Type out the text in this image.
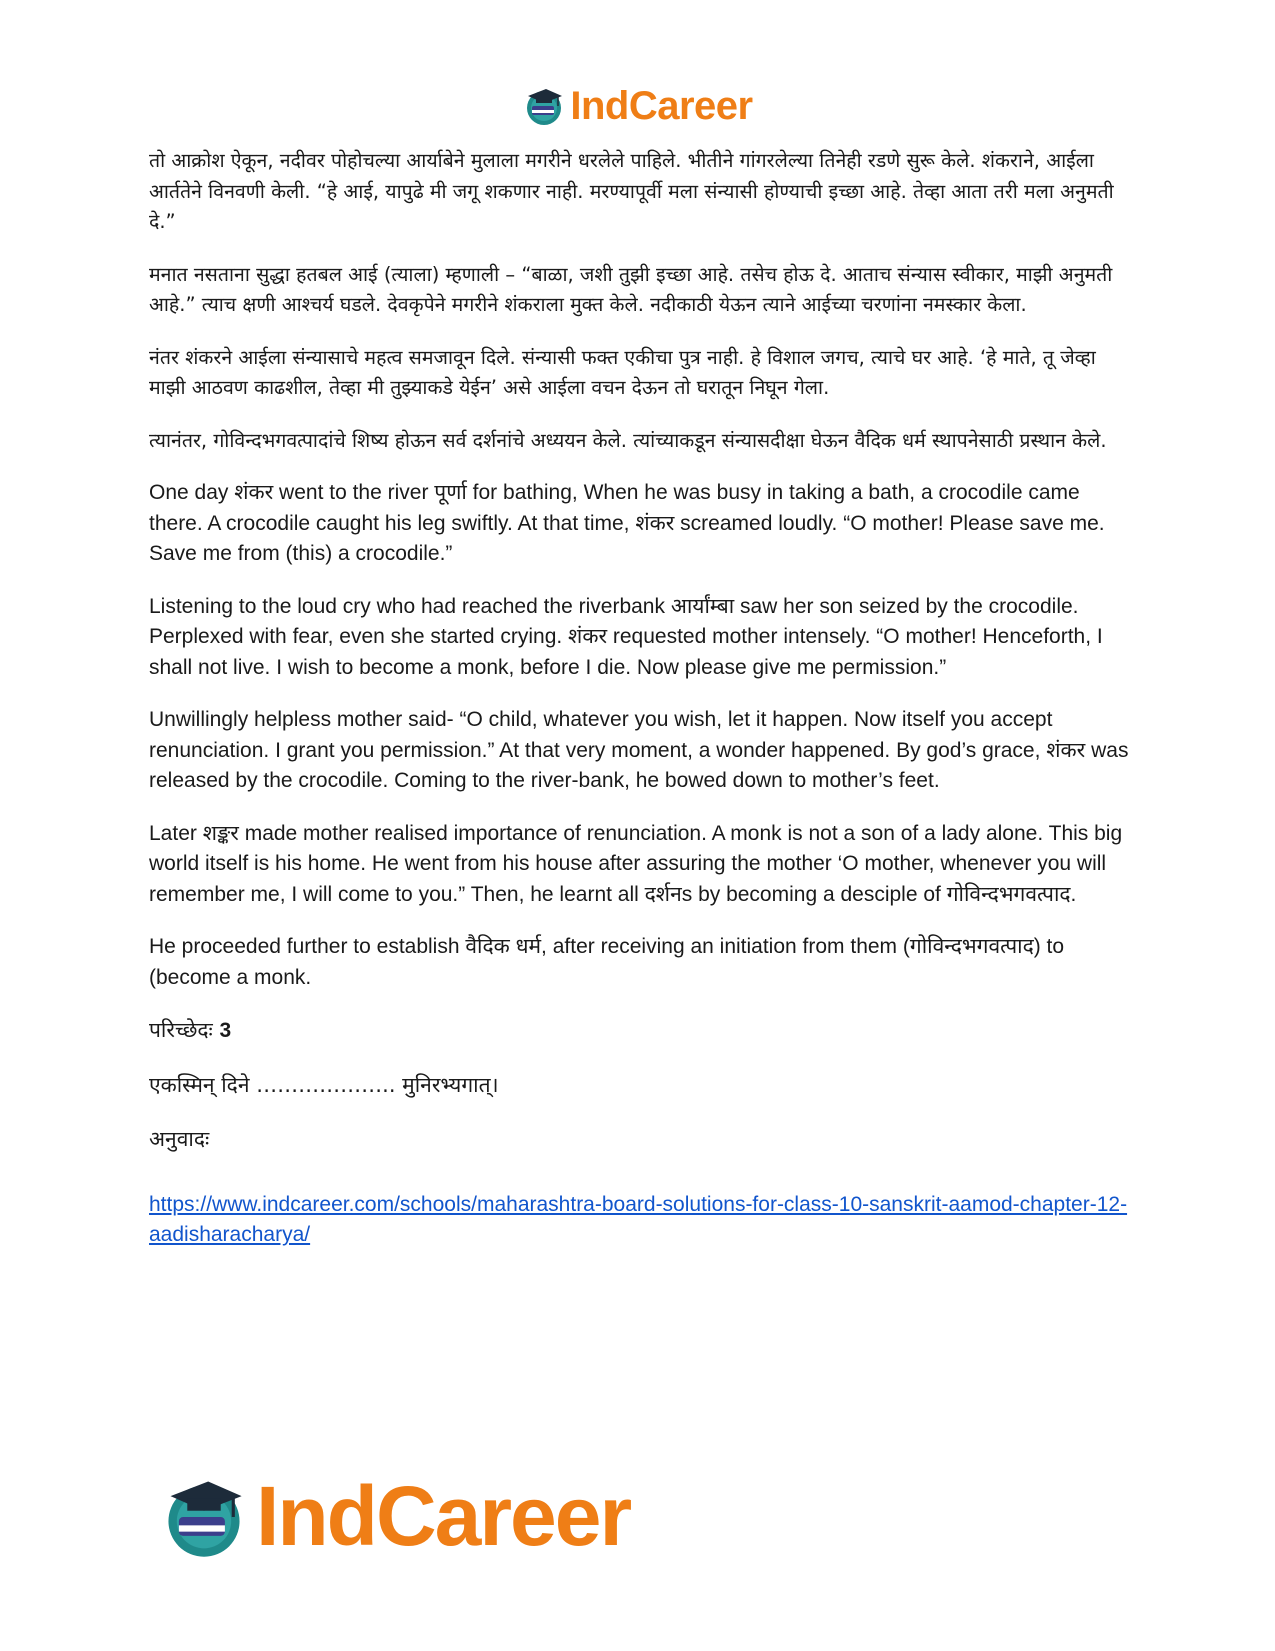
IndCareer

तो आक्रोश ऐकून, नदीवर पोहोचल्या आर्याबेने मुलाला मगरीने धरलेले पाहिले. भीतीने गांगरलेल्या तिनेही रडणे सुरू केले. शंकराने, आईला आर्ततेने विनवणी केली. “हे आई, यापुढे मी जगू शकणार नाही. मरण्यापूर्वी मला संन्यासी होण्याची इच्छा आहे. तेव्हा आता तरी मला अनुमती दे.”

मनात नसताना सुद्धा हतबल आई (त्याला) म्हणाली – “बाळा, जशी तुझी इच्छा आहे. तसेच होऊ दे. आताच संन्यास स्वीकार, माझी अनुमती आहे.” त्याच क्षणी आश्चर्य घडले. देवकृपेने मगरीने शंकराला मुक्त केले. नदीकाठी येऊन त्याने आईच्या चरणांना नमस्कार केला.

नंतर शंकरने आईला संन्यासाचे महत्व समजावून दिले. संन्यासी फक्त एकीचा पुत्र नाही. हे विशाल जगच, त्याचे घर आहे. ‘हे माते, तू जेव्हा माझी आठवण काढशील, तेव्हा मी तुझ्याकडे येईन’ असे आईला वचन देऊन तो घरातून निघून गेला.

त्यानंतर, गोविन्दभगवत्पादांचे शिष्य होऊन सर्व दर्शनांचे अध्ययन केले. त्यांच्याकडून संन्यासदीक्षा घेऊन वैदिक धर्म स्थापनेसाठी प्रस्थान केले.

One day शंकर went to the river पूर्णा for bathing, When he was busy in taking a bath, a crocodile came there. A crocodile caught his leg swiftly. At that time, शंकर screamed loudly. “O mother! Please save me. Save me from (this) a crocodile.”

Listening to the loud cry who had reached the riverbank आर्यांम्बा saw her son seized by the crocodile. Perplexed with fear, even she started crying. शंकर requested mother intensely. “O mother! Henceforth, I shall not live. I wish to become a monk, before I die. Now please give me permission.”

Unwillingly helpless mother said- “O child, whatever you wish, let it happen. Now itself you accept renunciation. I grant you permission.” At that very moment, a wonder happened. By god’s grace, शंकर was released by the crocodile. Coming to the river-bank, he bowed down to mother’s feet.

Later शङ्कर made mother realised importance of renunciation. A monk is not a son of a lady alone. This big world itself is his home. He went from his house after assuring the mother ‘O mother, whenever you will remember me, I will come to you.” Then, he learnt all दर्शनs by becoming a desciple of गोविन्दभगवत्पाद.

He proceeded further to establish वैदिक धर्म, after receiving an initiation from them (गोविन्दभगवत्पाद) to (become a monk.

परिच्छेदः 3

एकस्मिन् दिने ……………….. मुनिरभ्यगात्।

अनुवादः

https://www.indcareer.com/schools/maharashtra-board-solutions-for-class-10-sanskrit-aamod-chapter-12-aadisharacharya/
IndCareer
